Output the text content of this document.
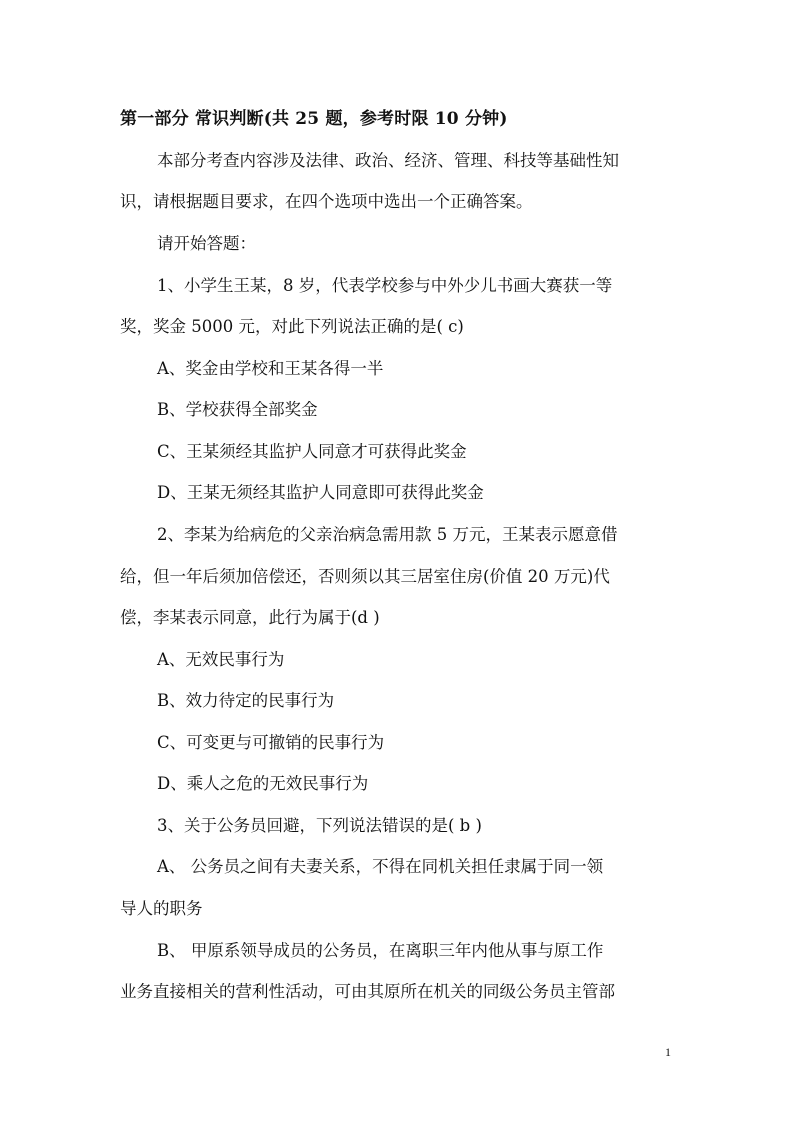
第一部分 常识判断(共 25 题，参考时限 10 分钟)
本部分考查内容涉及法律、政治、经济、管理、科技等基础性知
识，请根据题目要求，在四个选项中选出一个正确答案。
请开始答题：
1、小学生王某，8 岁，代表学校参与中外少儿书画大赛获一等
奖，奖金 5000 元，对此下列说法正确的是( c)
A、奖金由学校和王某各得一半
B、学校获得全部奖金
C、王某须经其监护人同意才可获得此奖金
D、王某无须经其监护人同意即可获得此奖金
2、李某为给病危的父亲治病急需用款 5 万元，王某表示愿意借
给，但一年后须加倍偿还，否则须以其三居室住房(价值 20 万元)代
偿，李某表示同意，此行为属于(d )
A、无效民事行为
B、效力待定的民事行为
C、可变更与可撤销的民事行为
D、乘人之危的无效民事行为
3、关于公务员回避，下列说法错误的是( b )
A、 公务员之间有夫妻关系，不得在同机关担任隶属于同一领
导人的职务
B、 甲原系领导成员的公务员，在离职三年内他从事与原工作
业务直接相关的营利性活动，可由其原所在机关的同级公务员主管部
1
